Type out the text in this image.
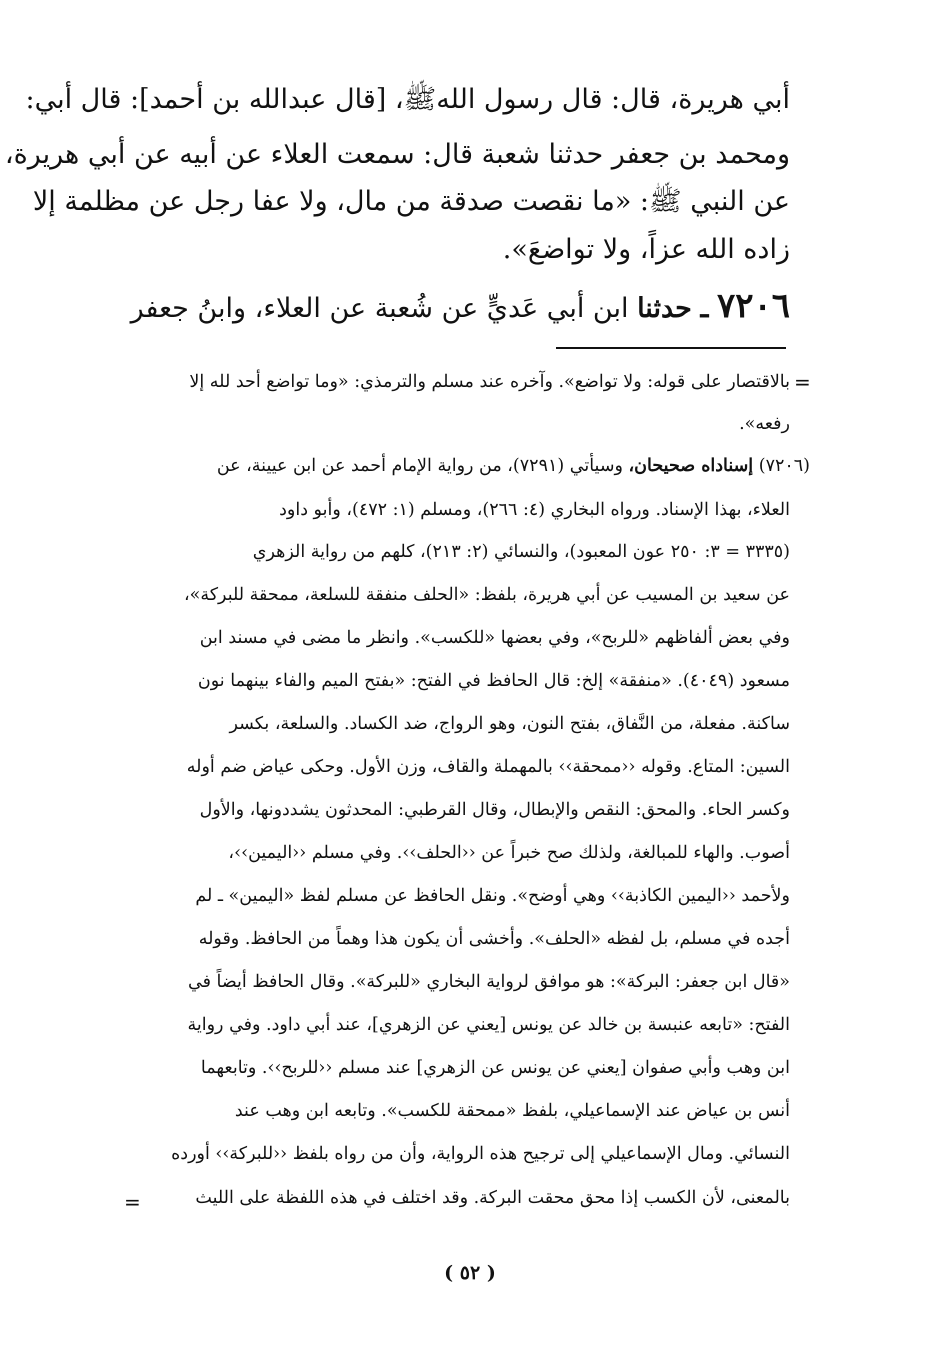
أبي هريرة، قال: قال رسول اللهﷺ، [قال عبدالله بن أحمد]: قال أبي:
ومحمد بن جعفر حدثنا شعبة قال: سمعت العلاء عن أبيه عن أبي هريرة،
عن النبي ﷺ: «ما نقصت صدقة من مال، ولا عفا رجل عن مظلمة إلا
زاده الله عزاً، ولا تواضعَ».
٧٢٠٦ ـ حدثنا ابن أبي عَديٍّ عن شُعبة عن العلاء، وابنُ جعفر
=
بالاقتصار على قوله: ولا تواضع». وآخره عند مسلم والترمذي: «وما تواضع أحد لله إلا
رفعه».
(٧٢٠٦) إسناداه صحيحان، وسيأتي (٧٢٩١)، من رواية الإمام أحمد عن ابن عيينة، عن
العلاء، بهذا الإسناد. ورواه البخاري (٤: ٢٦٦)، ومسلم (١: ٤٧٢)، وأبو داود
(٣٣٣٥ = ٣: ٢٥٠ عون المعبود)، والنسائي (٢: ٢١٣)، كلهم من رواية الزهري
عن سعيد بن المسيب عن أبي هريرة، بلفظ: «الحلف منفقة للسلعة، ممحقة للبركة»،
وفي بعض ألفاظهم «للربح»، وفي بعضها «للكسب». وانظر ما مضى في مسند ابن
مسعود (٤٠٤٩). «منفقة» إلخ: قال الحافظ في الفتح: «بفتح الميم والفاء بينهما نون
ساكنة. مفعلة، من النَّفاق، بفتح النون، وهو الرواج، ضد الكساد. والسلعة، بكسر
السين: المتاع. وقوله ‹‹ممحقة›› بالمهملة والقاف، وزن الأول. وحكى عياض ضم أوله
وكسر الحاء. والمحق: النقص والإبطال، وقال القرطبي: المحدثون يشددونها، والأول
أصوب. والهاء للمبالغة، ولذلك صح خبراً عن ‹‹الحلف››. وفي مسلم ‹‹اليمين››،
ولأحمد ‹‹اليمين الكاذبة›› وهي أوضح». ونقل الحافظ عن مسلم لفظ «اليمين» ـ لم
أجده في مسلم، بل لفظه «الحلف». وأخشى أن يكون هذا وهماً من الحافظ. وقوله
«قال ابن جعفر: البركة»: هو موافق لرواية البخاري «للبركة». وقال الحافظ أيضاً في
الفتح: «تابعه عنبسة بن خالد عن يونس [يعني عن الزهري]، عند أبي داود. وفي رواية
ابن وهب وأبي صفوان [يعني عن يونس عن الزهري] عند مسلم ‹‹للربح››. وتابعهما
أنس بن عياض عند الإسماعيلي، بلفظ «ممحقة للكسب». وتابعه ابن وهب عند
النسائي. ومال الإسماعيلي إلى ترجيح هذه الرواية، وأن من رواه بلفظ ‹‹للبركة›› أورده
بالمعنى، لأن الكسب إذا محق محقت البركة. وقد اختلف في هذه اللفظة على الليث
=
( ٥٢ )
